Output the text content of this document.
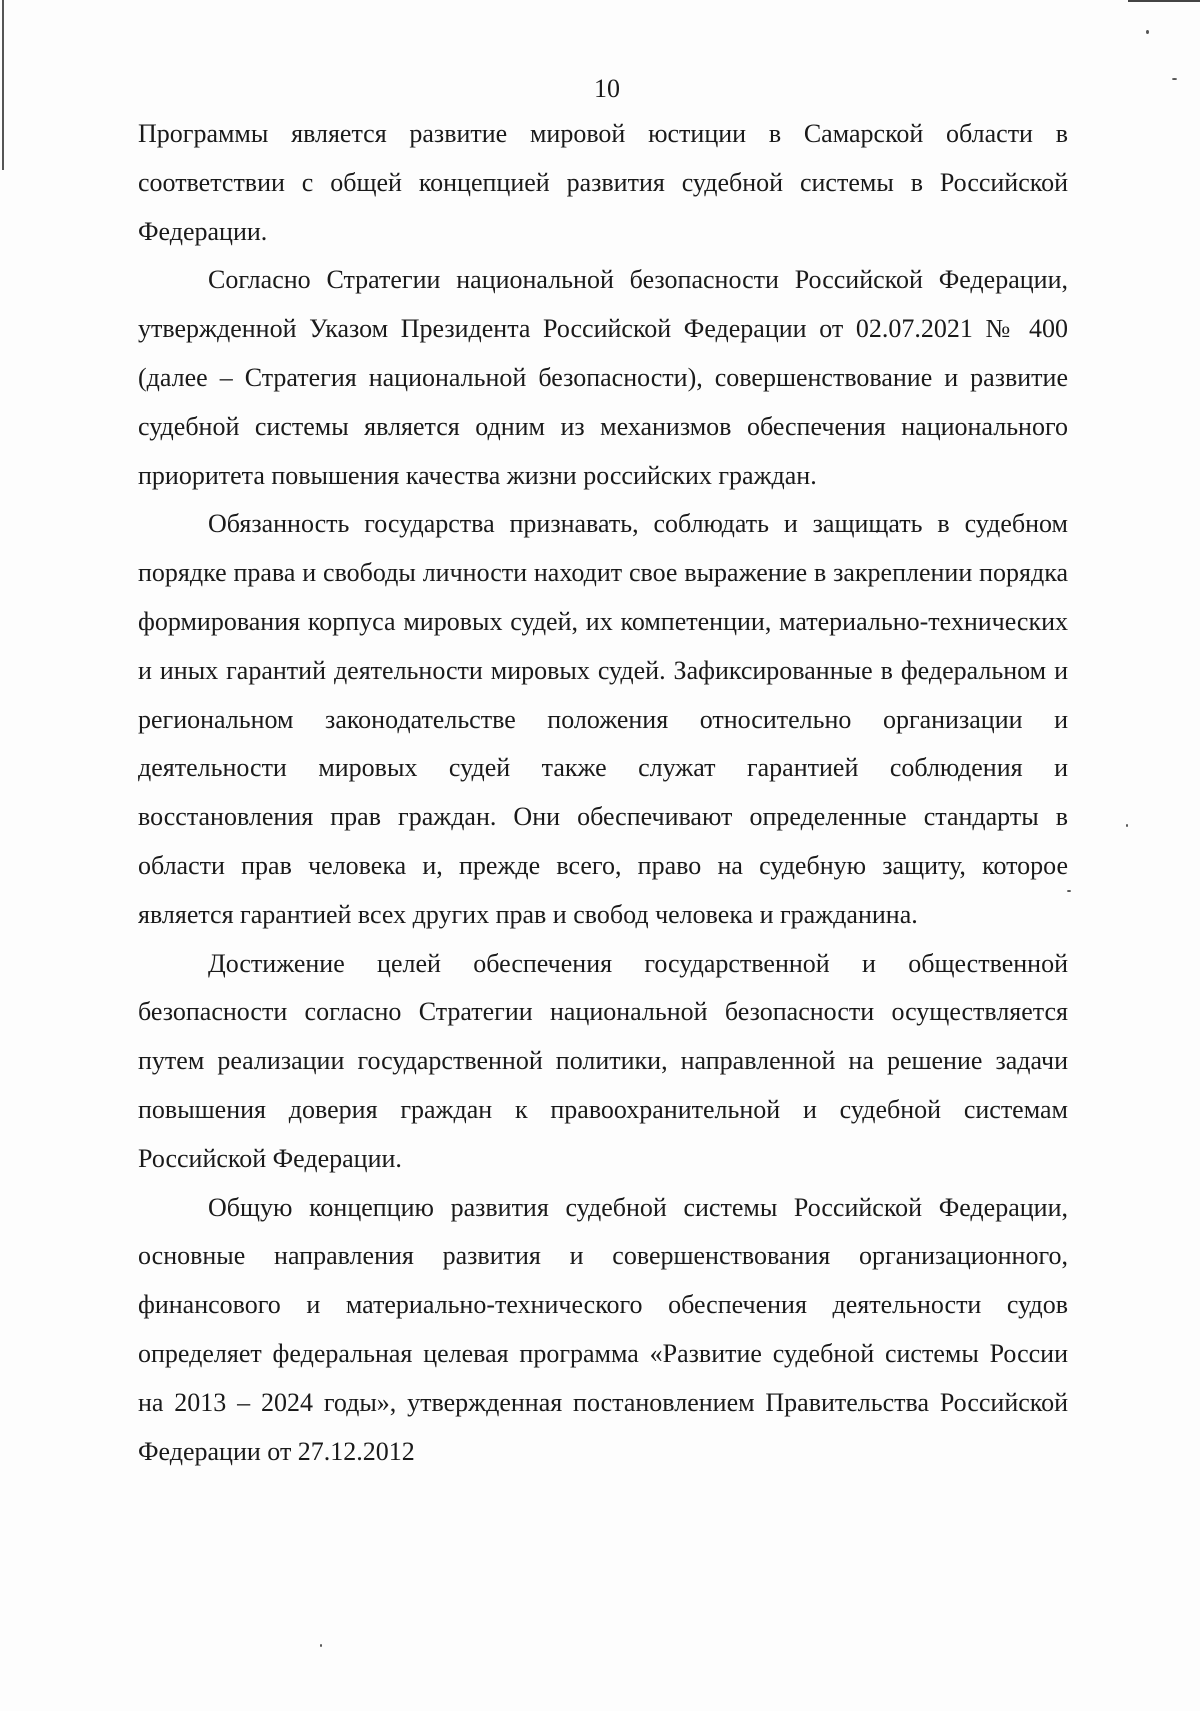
10

Программы является развитие мировой юстиции в Самарской области в соответствии с общей концепцией развития судебной системы в Российской Федерации.

Согласно Стратегии национальной безопасности Российской Федерации, утвержденной Указом Президента Российской Федерации от 02.07.2021 № 400 (далее – Стратегия национальной безопасности), совершенствование и развитие судебной системы является одним из механизмов обеспечения национального приоритета повышения качества жизни российских граждан.

Обязанность государства признавать, соблюдать и защищать в судебном порядке права и свободы личности находит свое выражение в закреплении порядка формирования корпуса мировых судей, их компетенции, материально-технических и иных гарантий деятельности мировых судей. Зафиксированные в федеральном и региональном законодательстве положения относительно организации и деятельности мировых судей также служат гарантией соблюдения и восстановления прав граждан. Они обеспечивают определенные стандарты в области прав человека и, прежде всего, право на судебную защиту, которое является гарантией всех других прав и свобод человека и гражданина.

Достижение целей обеспечения государственной и общественной безопасности согласно Стратегии национальной безопасности осуществляется путем реализации государственной политики, направленной на решение задачи повышения доверия граждан к правоохранительной и судебной системам Российской Федерации.

Общую концепцию развития судебной системы Российской Федерации, основные направления развития и совершенствования организационного, финансового и материально-технического обеспечения деятельности судов определяет федеральная целевая программа «Развитие судебной системы России на 2013 – 2024 годы», утвержденная постановлением Правительства Российской Федерации от 27.12.2012
